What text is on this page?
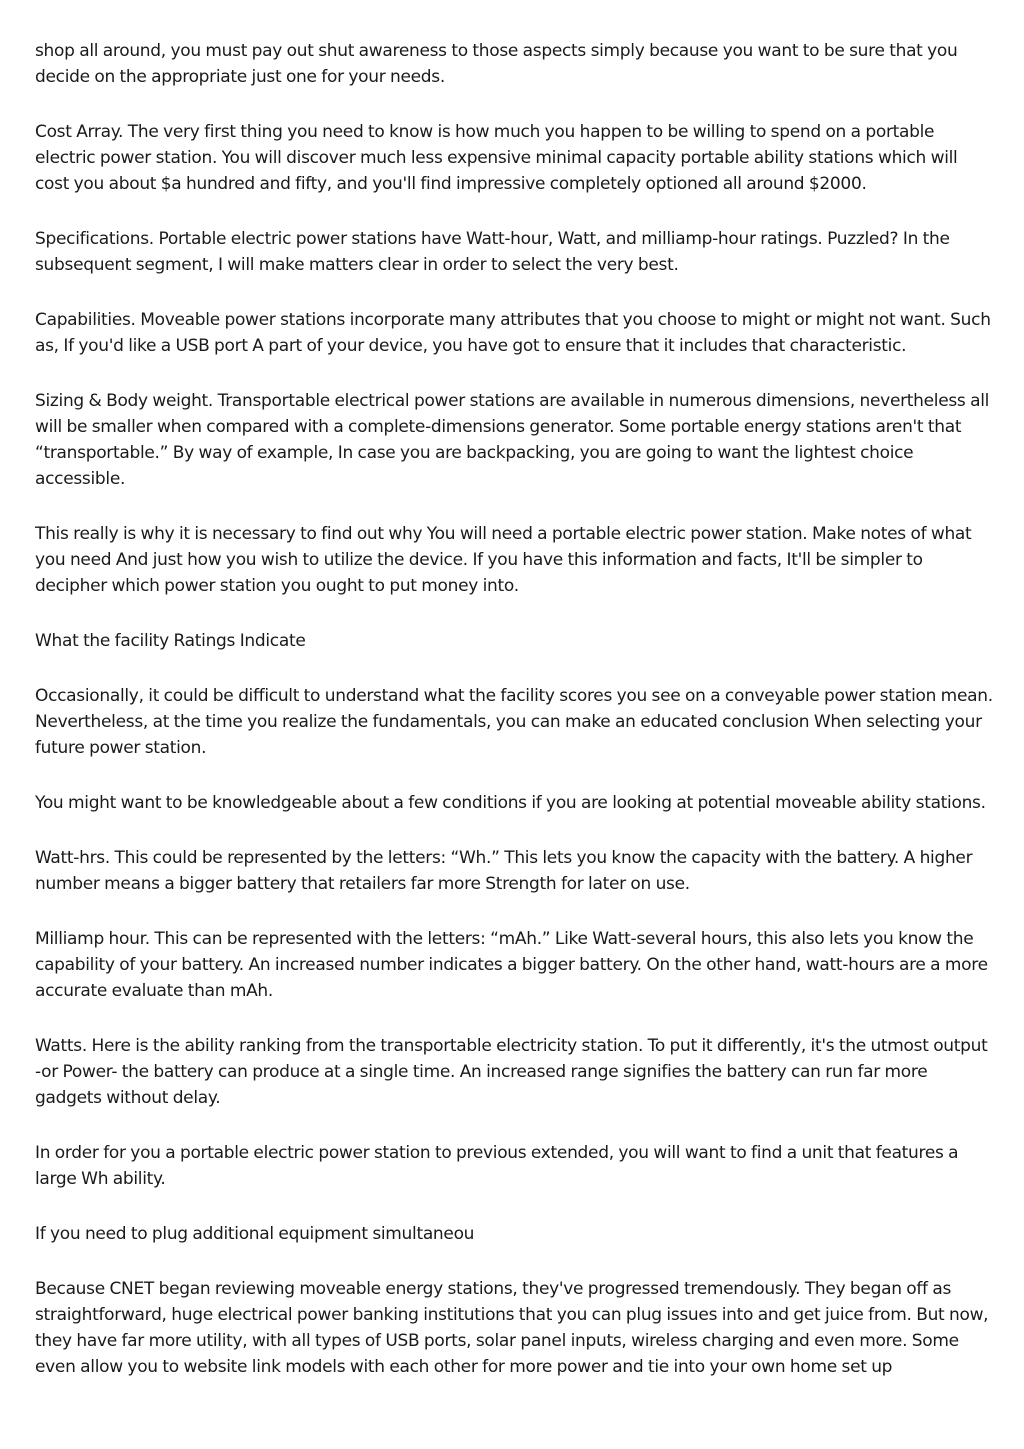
shop all around, you must pay out shut awareness to those aspects simply because you want to be sure that you decide on the appropriate just one for your needs.

Cost Array. The very first thing you need to know is how much you happen to be willing to spend on a portable electric power station. You will discover much less expensive minimal capacity portable ability stations which will cost you about $a hundred and fifty, and you'll find impressive completely optioned all around $2000.

Specifications. Portable electric power stations have Watt-hour, Watt, and milliamp-hour ratings. Puzzled? In the subsequent segment, I will make matters clear in order to select the very best.

Capabilities. Moveable power stations incorporate many attributes that you choose to might or might not want. Such as, If you'd like a USB port A part of your device, you have got to ensure that it includes that characteristic.

Sizing & Body weight. Transportable electrical power stations are available in numerous dimensions, nevertheless all will be smaller when compared with a complete-dimensions generator. Some portable energy stations aren't that “transportable.” By way of example, In case you are backpacking, you are going to want the lightest choice accessible.

This really is why it is necessary to find out why You will need a portable electric power station. Make notes of what you need And just how you wish to utilize the device. If you have this information and facts, It'll be simpler to decipher which power station you ought to put money into.

What the facility Ratings Indicate

Occasionally, it could be difficult to understand what the facility scores you see on a conveyable power station mean. Nevertheless, at the time you realize the fundamentals, you can make an educated conclusion When selecting your future power station.

You might want to be knowledgeable about a few conditions if you are looking at potential moveable ability stations.

Watt-hrs. This could be represented by the letters: “Wh.” This lets you know the capacity with the battery. A higher number means a bigger battery that retailers far more Strength for later on use.

Milliamp hour. This can be represented with the letters: “mAh.” Like Watt-several hours, this also lets you know the capability of your battery. An increased number indicates a bigger battery. On the other hand, watt-hours are a more accurate evaluate than mAh.

Watts. Here is the ability ranking from the transportable electricity station. To put it differently, it's the utmost output -or Power- the battery can produce at a single time. An increased range signifies the battery can run far more gadgets without delay.

In order for you a portable electric power station to previous extended, you will want to find a unit that features a large Wh ability.

If you need to plug additional equipment simultaneou

Because CNET began reviewing moveable energy stations, they've progressed tremendously. They began off as straightforward, huge electrical power banking institutions that you can plug issues into and get juice from. But now, they have far more utility, with all types of USB ports, solar panel inputs, wireless charging and even more. Some even allow you to website link models with each other for more power and tie into your own home set up
